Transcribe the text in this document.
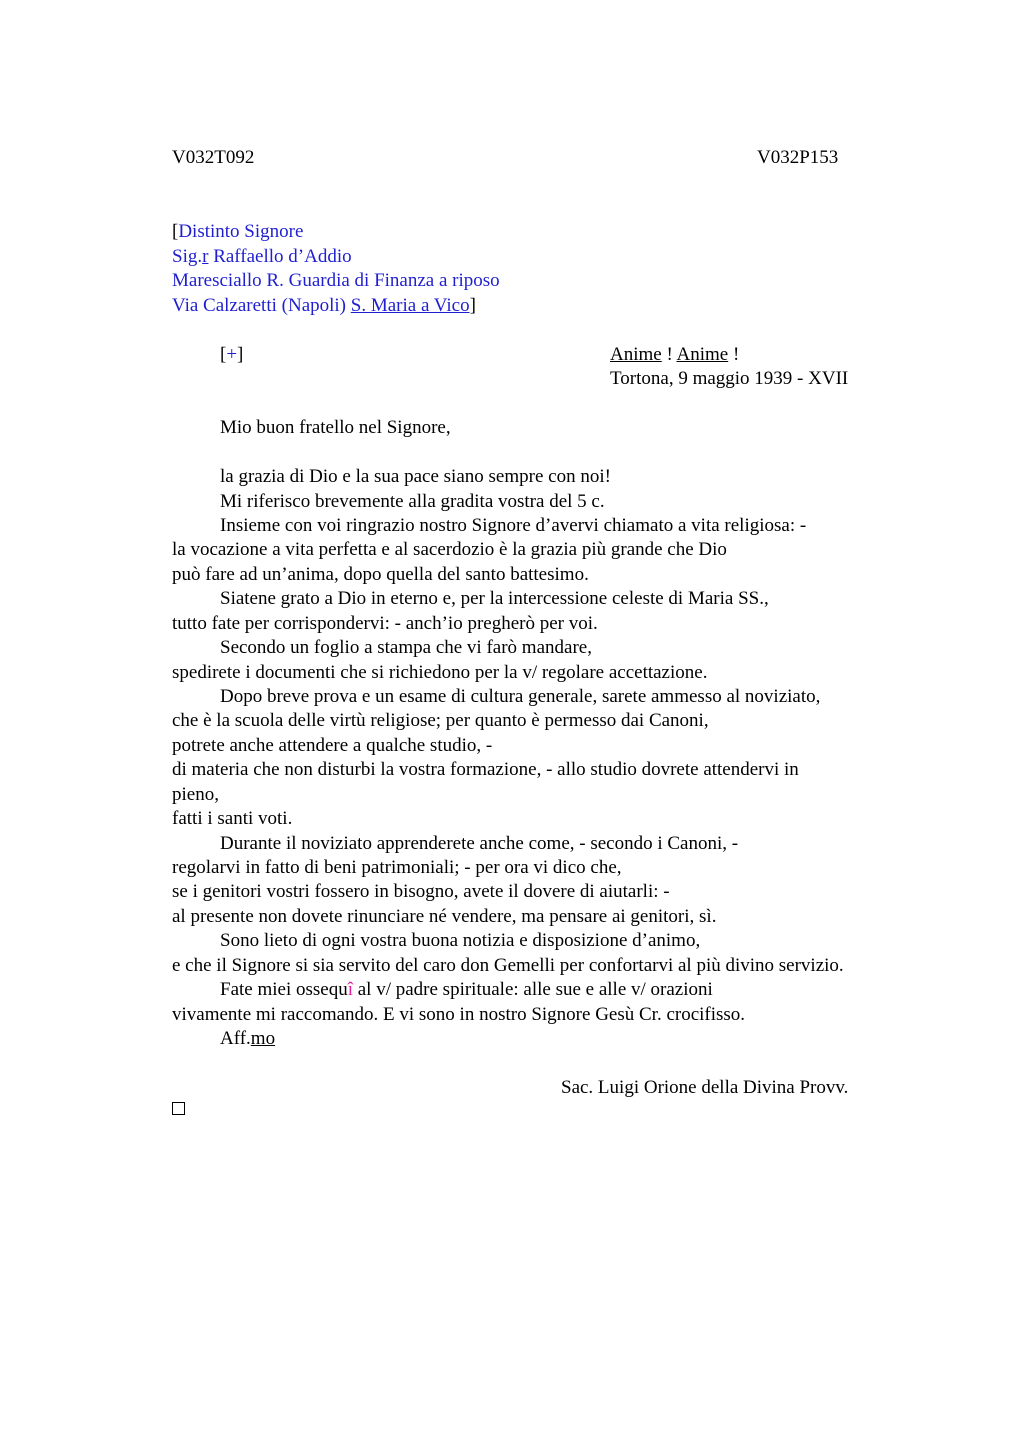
V032T092	V032P153
[Distinto Signore
Sig.r Raffaello d’Addio
Maresciallo R. Guardia di Finanza a riposo
Via Calzaretti (Napoli) S. Maria a Vico]
[+]	Anime ! Anime !
Tortona, 9 maggio 1939 - XVII
Mio buon fratello nel Signore,
la grazia di Dio e la sua pace siano sempre con noi!
Mi riferisco brevemente alla gradita vostra del 5 c.
Insieme con voi ringrazio nostro Signore d’avervi chiamato a vita religiosa: -
la vocazione a vita perfetta e al sacerdozio è la grazia più grande che Dio
può fare ad un’anima, dopo quella del santo battesimo.
Siatene grato a Dio in eterno e, per la intercessione celeste di Maria SS.,
tutto fate per corrispondervi: - anch’io pregherò per voi.
Secondo un foglio a stampa che vi farò mandare,
spedirete i documenti che si richiedono per la v/ regolare accettazione.
Dopo breve prova e un esame di cultura generale, sarete ammesso al noviziato,
che è la scuola delle virtù religiose; per quanto è permesso dai Canoni,
potrete anche attendere a qualche studio, -
di materia che non disturbi la vostra formazione, - allo studio dovrete attendervi in
pieno,
fatti i santi voti.
Durante il noviziato apprenderete anche come, - secondo i Canoni, -
regolarvi in fatto di beni patrimoniali; - per ora vi dico che,
se i genitori vostri fossero in bisogno, avete il dovere di aiutarli: -
al presente non dovete rinunciare né vendere, ma pensare ai genitori, sì.
Sono lieto di ogni vostra buona notizia e disposizione d’animo,
e che il Signore si sia servito del caro don Gemelli per confortarvi al più divino servizio.
Fate miei ossequî al v/ padre spirituale: alle sue e alle v/ orazioni
vivamente mi raccomando. E vi sono in nostro Signore Gesù Cr. crocifisso.
Aff.mo
Sac. Luigi Orione della Divina Provv.
